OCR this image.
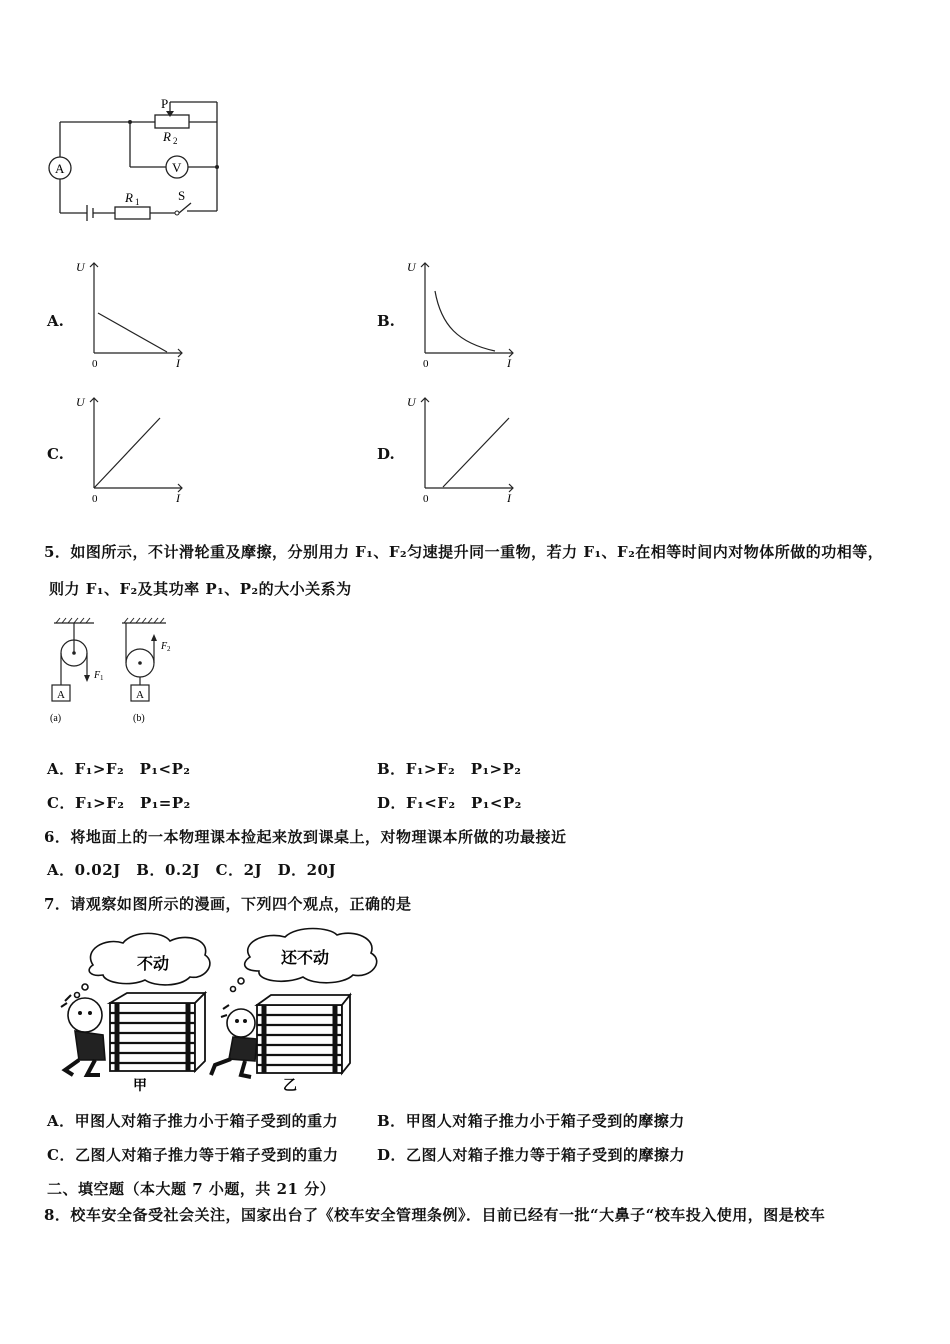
P
R 2
A	V
R 1	S
A.
U
0	I
B.
U
0	I
C.
U
0	I
D.
U
0	I
5．如图所示，不计滑轮重及摩擦，分别用力 F₁、F₂匀速提升同一重物，若力 F₁、F₂在相等时间内对物体所做的功相等，
则力 F₁、F₂及其功率 P₁、P₂的大小关系为
A	A
F 1
F 2
(a)	(b)
A．F₁>F₂　P₁<P₂	B．F₁>F₂　P₁>P₂
C．F₁>F₂　P₁=P₂	D．F₁<F₂　P₁<P₂
6．将地面上的一本物理课本捡起来放到课桌上，对物理课本所做的功最接近
A．0.02J　B．0.2J　C．2J　D．20J
7．请观察如图所示的漫画，下列四个观点，正确的是
不动	还不动
甲	乙
A．甲图人对箱子推力小于箱子受到的重力	B．甲图人对箱子推力小于箱子受到的摩擦力
C．乙图人对箱子推力等于箱子受到的重力	D．乙图人对箱子推力等于箱子受到的摩擦力
二、填空题（本大题 7 小题，共 21 分）
8．校车安全备受社会关注，国家出台了《校车安全管理条例》．目前已经有一批“大鼻子“校车投入使用，图是校车
